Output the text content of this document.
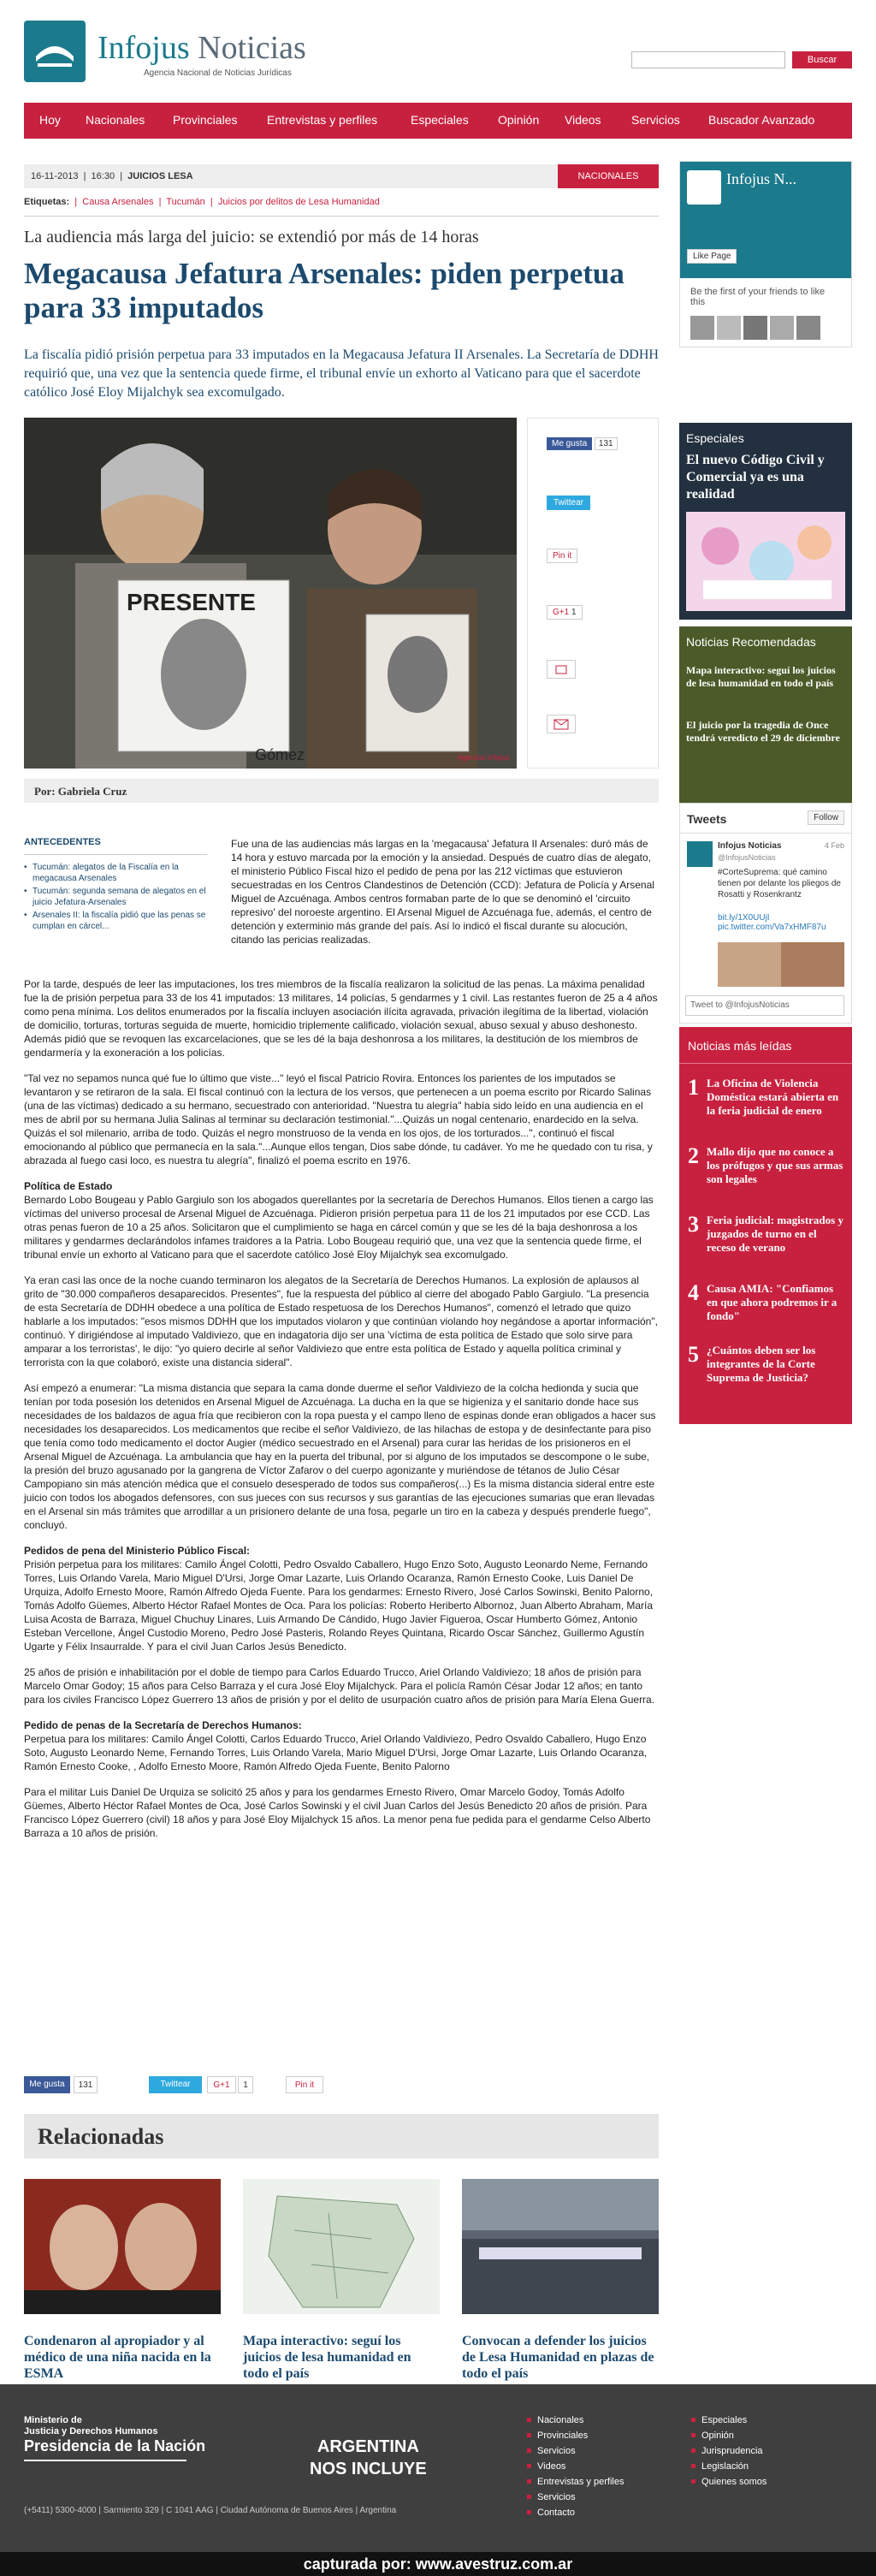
Infojus Noticias
Agencia Nacional de Noticias Jurídicas
Buscar
Hoy Nacionales Provinciales Entrevistas y perfiles	Especiales Opinión Videos	Servicios Buscador Avanzado
16-11-2013  |  16:30  |  JUICIOS LESA	NACIONALES
Etiquetas:  |  Causa Arsenales  |  Tucumán  |  Juicios por delitos de Lesa Humanidad
La audiencia más larga del juicio: se extendió por más de 14 horas
Megacausa Jefatura Arsenales: piden perpetua para 33 imputados

La fiscalía pidió prisión perpetua para 33 imputados en la Megacausa Jefatura II Arsenales. La Secretaría de DDHH requirió que, una vez que la sentencia quede firme, el tribunal envíe un exhorto al Vaticano para que el sacerdote católico José Eloy Mijalchyk sea excomulgado.

PRESENTE
Gómez	Agencia Infojus
Me gusta 131
Twittear
Pin it
G+1 1
Por: Gabriela Cruz
ANTECEDENTES
• Tucumán: alegatos de la Fiscalía en la megacausa Arsenales
• Tucumán: segunda semana de alegatos en el juicio Jefatura-Arsenales
• Arsenales II: la fiscalía pidió que las penas se cumplan en cárcel...

Fue una de las audiencias más largas en la 'megacausa' Jefatura II Arsenales: duró más de 14 hora y estuvo marcada por la emoción y la ansiedad. Después de cuatro días de alegato, el ministerio Público Fiscal hizo el pedido de pena por las 212 víctimas que estuvieron secuestradas en los Centros Clandestinos de Detención (CCD): Jefatura de Policía y Arsenal Miguel de Azcuénaga. Ambos centros formaban parte de lo que se denominó el 'circuito represivo' del noroeste argentino. El Arsenal Miguel de Azcuénaga fue, además, el centro de detención y exterminio más grande del país. Así lo indicó el fiscal durante su alocución, citando las pericias realizadas.

Por la tarde, después de leer las imputaciones, los tres miembros de la fiscalía realizaron la solicitud de las penas. La máxima penalidad fue la de prisión perpetua para 33 de los 41 imputados: 13 militares, 14 policías, 5 gendarmes y 1 civil. Las restantes fueron de 25 a 4 años como pena mínima. Los delitos enumerados por la fiscalía incluyen asociación ilícita agravada, privación ilegítima de la libertad, violación de domicilio, torturas, torturas seguida de muerte, homicidio triplemente calificado, violación sexual, abuso sexual y abuso deshonesto. Además pidió que se revoquen las excarcelaciones, que se les dé la baja deshonrosa a los militares, la destitución de los miembros de gendarmería y la exoneración a los policías.

"Tal vez no sepamos nunca qué fue lo último que viste..." leyó el fiscal Patricio Rovira. Entonces los parientes de los imputados se levantaron y se retiraron de la sala. El fiscal continuó con la lectura de los versos, que pertenecen a un poema escrito por Ricardo Salinas (una de las víctimas) dedicado a su hermano, secuestrado con anterioridad. "Nuestra tu alegría" había sido leído en una audiencia en el mes de abril por su hermana Julia Salinas al terminar su declaración testimonial."...Quizás un nogal centenario, enardecido en la selva. Quizás el sol milenario, arriba de todo. Quizás el negro monstruoso de la venda en los ojos, de los torturados...", continuó el fiscal emocionando al público que permanecía en la sala."...Aunque ellos tengan, Dios sabe dónde, tu cadáver. Yo me he quedado con tu risa, y abrazada al fuego casi loco, es nuestra tu alegría", finalizó el poema escrito en 1976.

Política de Estado
Bernardo Lobo Bougeau y Pablo Gargiulo son los abogados querellantes por la secretaría de Derechos Humanos. Ellos tienen a cargo las víctimas del universo procesal de Arsenal Miguel de Azcuénaga. Pidieron prisión perpetua para 11 de los 21 imputados por ese CCD. Las otras penas fueron de 10 a 25 años. Solicitaron que el cumplimiento se haga en cárcel común y que se les dé la baja deshonrosa a los militares y gendarmes declarándolos infames traidores a la Patria. Lobo Bougeau requirió que, una vez que la sentencia quede firme, el tribunal envíe un exhorto al Vaticano para que el sacerdote católico José Eloy Mijalchyk sea excomulgado.

Ya eran casi las once de la noche cuando terminaron los alegatos de la Secretaría de Derechos Humanos. La explosión de aplausos al grito de "30.000 compañeros desaparecidos. Presentes", fue la respuesta del público al cierre del abogado Pablo Gargiulo. "La presencia de esta Secretaría de DDHH obedece a una política de Estado respetuosa de los Derechos Humanos", comenzó el letrado que quizo hablarle a los imputados: "esos mismos DDHH que los imputados violaron y que continúan violando hoy negándose a aportar información", continuó. Y dirigiéndose al imputado Valdiviezo, que en indagatoria dijo ser una 'víctima de esta política de Estado que solo sirve para amparar a los terroristas', le dijo: "yo quiero decirle al señor Valdiviezo que entre esta política de Estado y aquella política criminal y terrorista con la que colaboró, existe una distancia sideral".

Así empezó a enumerar: "La misma distancia que separa la cama donde duerme el señor Valdiviezo de la colcha hedionda y sucia que tenían por toda posesión los detenidos en Arsenal Miguel de Azcuénaga. La ducha en la que se higieniza y el sanitario donde hace sus necesidades de los baldazos de agua fría que recibieron con la ropa puesta y el campo lleno de espinas donde eran obligados a hacer sus necesidades los desaparecidos. Los medicamentos que recibe el señor Valdiviezo, de las hilachas de estopa y de desinfectante para piso que tenía como todo medicamento el doctor Augier (médico secuestrado en el Arsenal) para curar las heridas de los prisioneros en el Arsenal Miguel de Azcuénaga. La ambulancia que hay en la puerta del tribunal, por si alguno de los imputados se descompone o le sube, la presión del bruzo agusanado por la gangrena de Víctor Zafarov o del cuerpo agonizante y muriéndose de tétanos de Julio César Campopiano sin más atención médica que el consuelo desesperado de todos sus compañeros(...) Es la misma distancia sideral entre este juicio con todos los abogados defensores, con sus jueces con sus recursos y sus garantías de las ejecuciones sumarias que eran llevadas en el Arsenal sin más trámites que arrodillar a un prisionero delante de una fosa, pegarle un tiro en la cabeza y después prenderle fuego", concluyó.

Pedidos de pena del Ministerio Público Fiscal:
Prisión perpetua para los militares: Camilo Ángel Colotti, Pedro Osvaldo Caballero, Hugo Enzo Soto, Augusto Leonardo Neme, Fernando Torres, Luis Orlando Varela, Mario Miguel D'Ursi, Jorge Omar Lazarte, Luis Orlando Ocaranza, Ramón Ernesto Cooke, Luis Daniel De Urquiza, Adolfo Ernesto Moore, Ramón Alfredo Ojeda Fuente. Para los gendarmes: Ernesto Rivero, José Carlos Sowinski, Benito Palorno, Tomás Adolfo Güemes, Alberto Héctor Rafael Montes de Oca. Para los policías: Roberto Heriberto Albornoz, Juan Alberto Abraham, María Luisa Acosta de Barraza, Miguel Chuchuy Linares, Luis Armando De Cándido, Hugo Javier Figueroa, Oscar Humberto Gómez, Antonio Esteban Vercellone, Ángel Custodio Moreno, Pedro José Pasteris, Rolando Reyes Quintana, Ricardo Oscar Sánchez, Guillermo Agustín Ugarte y Félix Insaurralde. Y para el civil Juan Carlos Jesús Benedicto.

25 años de prisión e inhabilitación por el doble de tiempo para Carlos Eduardo Trucco, Ariel Orlando Valdiviezo; 18 años de prisión para Marcelo Omar Godoy; 15 años para Celso Barraza y el cura José Eloy Mijalchyck. Para el policía Ramón César Jodar 12 años; en tanto para los civiles Francisco López Guerrero 13 años de prisión y por el delito de usurpación cuatro años de prisión para María Elena Guerra.

Pedido de penas de la Secretaría de Derechos Humanos:
Perpetua para los militares: Camilo Ángel Colotti, Carlos Eduardo Trucco, Ariel Orlando Valdiviezo, Pedro Osvaldo Caballero, Hugo Enzo Soto, Augusto Leonardo Neme, Fernando Torres, Luis Orlando Varela, Mario Miguel D'Ursi, Jorge Omar Lazarte, Luis Orlando Ocaranza, Ramón Ernesto Cooke, , Adolfo Ernesto Moore, Ramón Alfredo Ojeda Fuente, Benito Palorno

Para el militar Luis Daniel De Urquiza se solicitó 25 años y para los gendarmes Ernesto Rivero, Omar Marcelo Godoy, Tomás Adolfo Güemes, Alberto Héctor Rafael Montes de Oca, José Carlos Sowinski y el civil Juan Carlos del Jesús Benedicto 20 años de prisión. Para Francisco López Guerrero (civil) 18 años y para José Eloy Mijalchyck 15 años. La menor pena fue pedida para el gendarme Celso Alberto Barraza a 10 años de prisión.

Me gusta	131	Twittear	G+1	1	Pin it
Relacionadas
Condenaron al apropiador y al médico de una niña nacida en la ESMA
Mapa interactivo: seguí los juicios de lesa humanidad en todo el país
Convocan a defender los juicios de Lesa Humanidad en plazas de todo el país
Infojus N...
Like Page
Be the first of your friends to like this
Especiales
El nuevo Código Civil y Comercial ya es una realidad
Noticias Recomendadas
Mapa interactivo: seguí los juicios de lesa humanidad en todo el país
El juicio por la tragedia de Once tendrá veredicto el 29 de diciembre
Tweets	Follow
Infojus Noticias	4 Feb
@InfojusNoticias
#CorteSuprema: qué camino tienen por delante los pliegos de Rosatti y Rosenkrantz
bit.ly/1X0UUjI pic.twitter.com/Va7xHMF87u
Tweet to @InfojusNoticias
Noticias más leídas
1 La Oficina de Violencia Doméstica estará abierta en la feria judicial de enero
2 Mallo dijo que no conoce a los prófugos y que sus armas son legales
3 Feria judicial: magistrados y juzgados de turno en el receso de verano
4 Causa AMIA: "Confiamos en que ahora podremos ir a fondo"
5 ¿Cuántos deben ser los integrantes de la Corte Suprema de Justicia?
Ministerio de
Justicia y Derechos Humanos
Presidencia de la Nación
(+5411) 5300-4000 | Sarmiento 329 | C 1041 AAG | Ciudad Autónoma de Buenos Aires | Argentina
ARGENTINA
NOS INCLUYE
Nacionales
Provinciales
Servicios
Videos
Entrevistas y perfiles
Servicios
Contacto
Especiales
Opinión
Jurisprudencia
Legislación
Quienes somos
capturada por: www.avestruz.com.ar
